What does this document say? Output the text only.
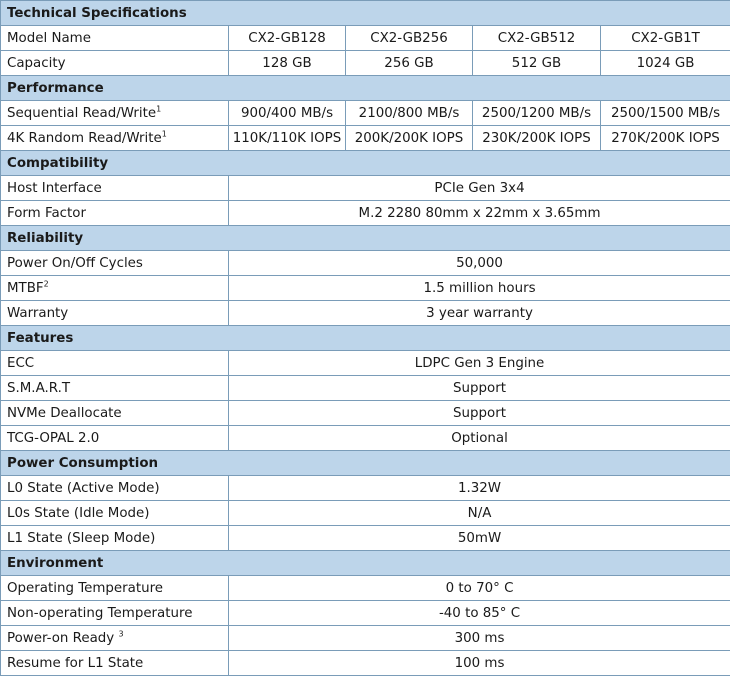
Technical Specifications				
Model Name	CX2-GB128	CX2-GB256	CX2-GB512	CX2-GB1T
Capacity	128 GB	256 GB	512 GB	1024 GB
Performance				
Sequential Read/Write$^1$	900/400 MB/s	2100/800 MB/s	2500/1200 MB/s	2500/1500 MB/s
4K Random Read/Write$^1$	110K/110K IOPS	200K/200K IOPS	230K/200K IOPS	270K/200K IOPS
Compatibility				
Host Interface	PCIe Gen 3x4			
Form Factor	M.2 2280 80mm x 22mm x 3.65mm			
Reliability				
Power On/Off Cycles	50,000			
MTBF$^2$	1.5 million hours			
Warranty	3 year warranty			
Features				
ECC	LDPC Gen 3 Engine			
S.M.A.R.T	Support			
NVMe Deallocate	Support			
TCG-OPAL 2.0	Optional			
Power Consumption				
L0 State (Active Mode)	1.32W			
L0s State (Idle Mode)	N/A			
L1 State (Sleep Mode)	50mW			
Environment				
Operating Temperature	0 to 70° C			
Non-operating Temperature	-40 to 85° C			
Power-on Ready $^3$	300 ms			
Resume for L1 State	100 ms			
